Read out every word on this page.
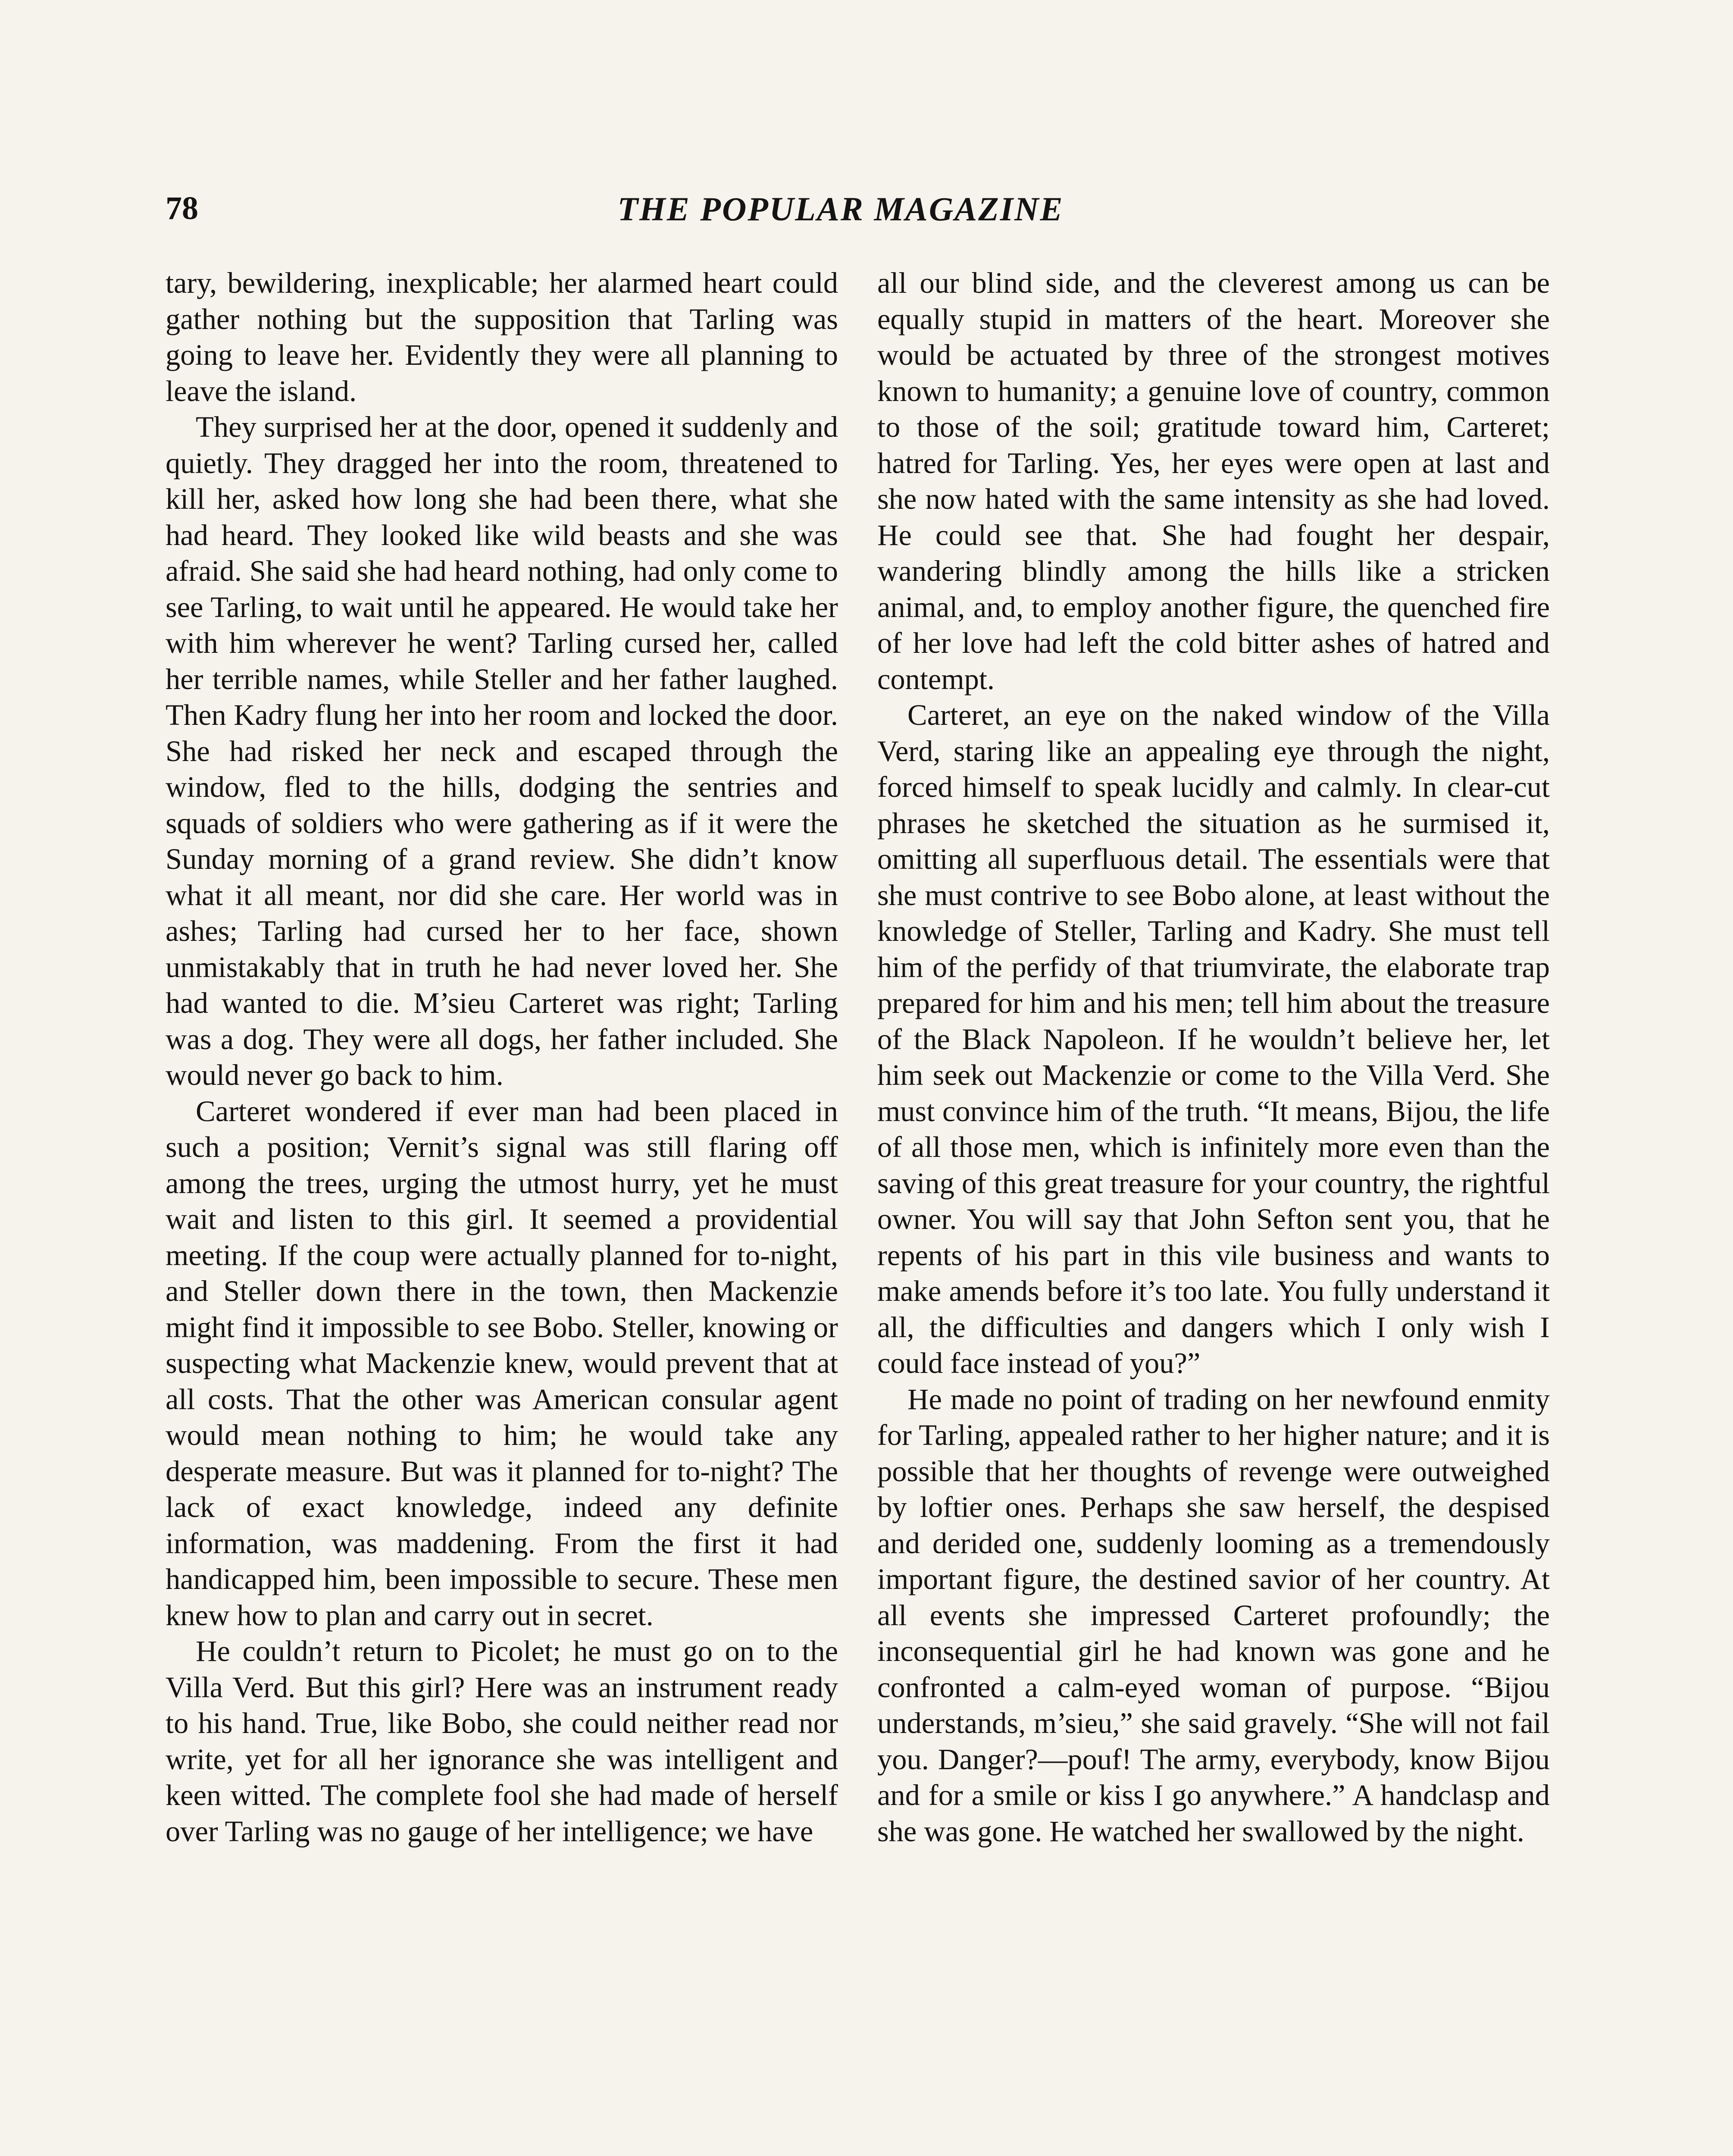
78	THE POPULAR MAGAZINE

tary, bewildering, inexplicable; her alarmed heart could gather nothing but the supposition that Tarling was going to leave her. Evidently they were all planning to leave the island.

They surprised her at the door, opened it suddenly and quietly. They dragged her into the room, threatened to kill her, asked how long she had been there, what she had heard. They looked like wild beasts and she was afraid. She said she had heard nothing, had only come to see Tarling, to wait until he appeared. He would take her with him wherever he went? Tarling cursed her, called her terrible names, while Steller and her father laughed. Then Kadry flung her into her room and locked the door. She had risked her neck and escaped through the window, fled to the hills, dodging the sentries and squads of soldiers who were gathering as if it were the Sunday morning of a grand review. She didn’t know what it all meant, nor did she care. Her world was in ashes; Tarling had cursed her to her face, shown unmistakably that in truth he had never loved her. She had wanted to die. M’sieu Carteret was right; Tarling was a dog. They were all dogs, her father included. She would never go back to him.

Carteret wondered if ever man had been placed in such a position; Vernit’s signal was still flaring off among the trees, urging the utmost hurry, yet he must wait and listen to this girl. It seemed a providential meeting. If the coup were actually planned for to-night, and Steller down there in the town, then Mackenzie might find it impossible to see Bobo. Steller, knowing or suspecting what Mackenzie knew, would prevent that at all costs. That the other was American consular agent would mean nothing to him; he would take any desperate measure. But was it planned for to-night? The lack of exact knowledge, indeed any definite information, was maddening. From the first it had handicapped him, been impossible to secure. These men knew how to plan and carry out in secret.

He couldn’t return to Picolet; he must go on to the Villa Verd. But this girl? Here was an instrument ready to his hand. True, like Bobo, she could neither read nor write, yet for all her ignorance she was intelligent and keen witted. The complete fool she had made of herself over Tarling was no gauge of her intelligence; we have

all our blind side, and the cleverest among us can be equally stupid in matters of the heart. Moreover she would be actuated by three of the strongest motives known to humanity; a genuine love of country, common to those of the soil; gratitude toward him, Carteret; hatred for Tarling. Yes, her eyes were open at last and she now hated with the same intensity as she had loved. He could see that. She had fought her despair, wandering blindly among the hills like a stricken animal, and, to employ another figure, the quenched fire of her love had left the cold bitter ashes of hatred and contempt.

Carteret, an eye on the naked window of the Villa Verd, staring like an appealing eye through the night, forced himself to speak lucidly and calmly. In clear-cut phrases he sketched the situation as he surmised it, omitting all superfluous detail. The essentials were that she must contrive to see Bobo alone, at least without the knowledge of Steller, Tarling and Kadry. She must tell him of the perfidy of that triumvirate, the elaborate trap prepared for him and his men; tell him about the treasure of the Black Napoleon. If he wouldn’t believe her, let him seek out Mackenzie or come to the Villa Verd. She must convince him of the truth. “It means, Bijou, the life of all those men, which is infinitely more even than the saving of this great treasure for your country, the rightful owner. You will say that John Sefton sent you, that he repents of his part in this vile business and wants to make amends before it’s too late. You fully understand it all, the difficulties and dangers which I only wish I could face instead of you?”

He made no point of trading on her newfound enmity for Tarling, appealed rather to her higher nature; and it is possible that her thoughts of revenge were outweighed by loftier ones. Perhaps she saw herself, the despised and derided one, suddenly looming as a tremendously important figure, the destined savior of her country. At all events she impressed Carteret profoundly; the inconsequential girl he had known was gone and he confronted a calm-eyed woman of purpose. “Bijou understands, m’sieu,” she said gravely. “She will not fail you. Danger?—pouf! The army, everybody, know Bijou and for a smile or kiss I go anywhere.” A handclasp and she was gone. He watched her swallowed by the night.
